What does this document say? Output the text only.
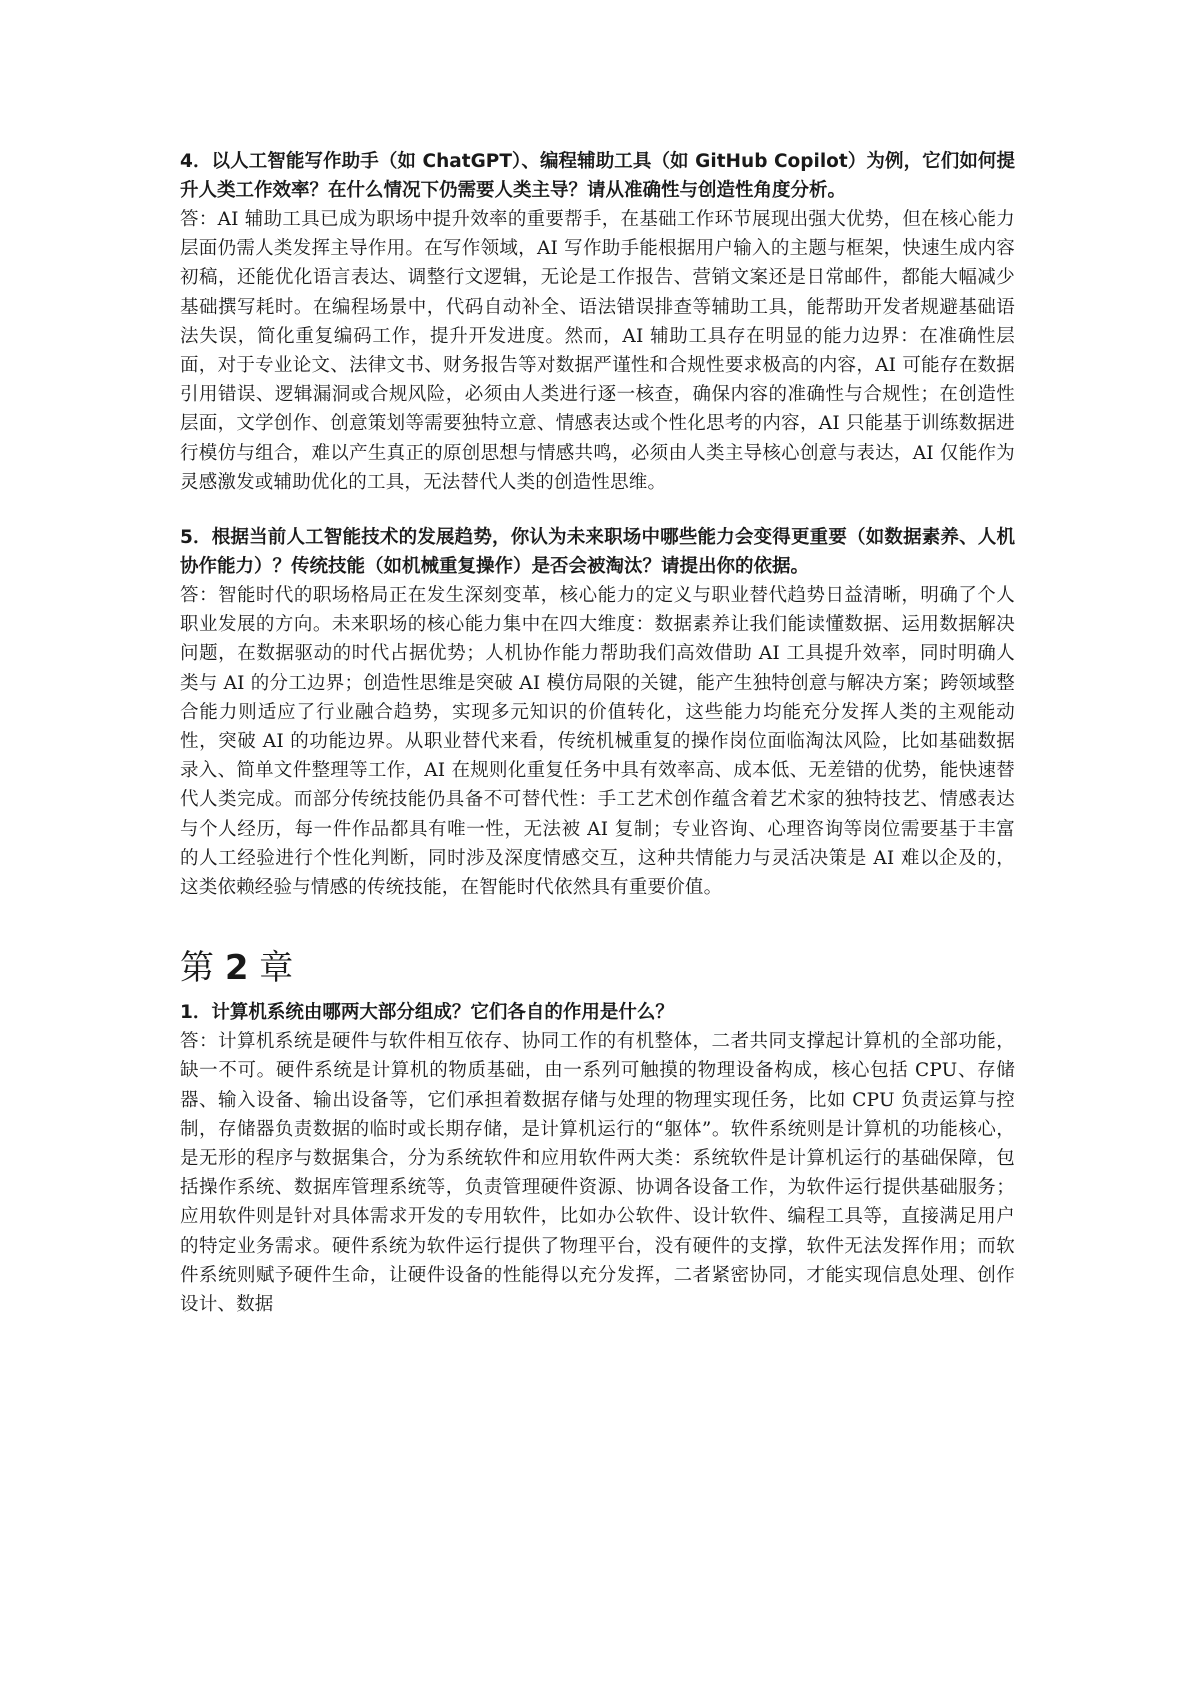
4．以人工智能写作助手（如 ChatGPT）、编程辅助工具（如 GitHub Copilot）为例，它们如何提升人类工作效率？在什么情况下仍需要人类主导？请从准确性与创造性角度分析。

答：AI 辅助工具已成为职场中提升效率的重要帮手，在基础工作环节展现出强大优势，但在核心能力层面仍需人类发挥主导作用。在写作领域，AI 写作助手能根据用户输入的主题与框架，快速生成内容初稿，还能优化语言表达、调整行文逻辑，无论是工作报告、营销文案还是日常邮件，都能大幅减少基础撰写耗时。在编程场景中，代码自动补全、语法错误排查等辅助工具，能帮助开发者规避基础语法失误，简化重复编码工作，提升开发进度。然而，AI 辅助工具存在明显的能力边界：在准确性层面，对于专业论文、法律文书、财务报告等对数据严谨性和合规性要求极高的内容，AI 可能存在数据引用错误、逻辑漏洞或合规风险，必须由人类进行逐一核查，确保内容的准确性与合规性；在创造性层面，文学创作、创意策划等需要独特立意、情感表达或个性化思考的内容，AI 只能基于训练数据进行模仿与组合，难以产生真正的原创思想与情感共鸣，必须由人类主导核心创意与表达，AI 仅能作为灵感激发或辅助优化的工具，无法替代人类的创造性思维。

5．根据当前人工智能技术的发展趋势，你认为未来职场中哪些能力会变得更重要（如数据素养、人机协作能力）？传统技能（如机械重复操作）是否会被淘汰？请提出你的依据。

答：智能时代的职场格局正在发生深刻变革，核心能力的定义与职业替代趋势日益清晰，明确了个人职业发展的方向。未来职场的核心能力集中在四大维度：数据素养让我们能读懂数据、运用数据解决问题，在数据驱动的时代占据优势；人机协作能力帮助我们高效借助 AI 工具提升效率，同时明确人类与 AI 的分工边界；创造性思维是突破 AI 模仿局限的关键，能产生独特创意与解决方案；跨领域整合能力则适应了行业融合趋势，实现多元知识的价值转化，这些能力均能充分发挥人类的主观能动性，突破 AI 的功能边界。从职业替代来看，传统机械重复的操作岗位面临淘汰风险，比如基础数据录入、简单文件整理等工作，AI 在规则化重复任务中具有效率高、成本低、无差错的优势，能快速替代人类完成。而部分传统技能仍具备不可替代性：手工艺术创作蕴含着艺术家的独特技艺、情感表达与个人经历，每一件作品都具有唯一性，无法被 AI 复制；专业咨询、心理咨询等岗位需要基于丰富的人工经验进行个性化判断，同时涉及深度情感交互，这种共情能力与灵活决策是 AI 难以企及的，这类依赖经验与情感的传统技能，在智能时代依然具有重要价值。

第 2 章

1．计算机系统由哪两大部分组成？它们各自的作用是什么？

答：计算机系统是硬件与软件相互依存、协同工作的有机整体，二者共同支撑起计算机的全部功能，缺一不可。硬件系统是计算机的物质基础，由一系列可触摸的物理设备构成，核心包括 CPU、存储器、输入设备、输出设备等，它们承担着数据存储与处理的物理实现任务，比如 CPU 负责运算与控制，存储器负责数据的临时或长期存储，是计算机运行的“躯体”。软件系统则是计算机的功能核心，是无形的程序与数据集合，分为系统软件和应用软件两大类：系统软件是计算机运行的基础保障，包括操作系统、数据库管理系统等，负责管理硬件资源、协调各设备工作，为软件运行提供基础服务；应用软件则是针对具体需求开发的专用软件，比如办公软件、设计软件、编程工具等，直接满足用户的特定业务需求。硬件系统为软件运行提供了物理平台，没有硬件的支撑，软件无法发挥作用；而软件系统则赋予硬件生命，让硬件设备的性能得以充分发挥，二者紧密协同，才能实现信息处理、创作设计、数据
